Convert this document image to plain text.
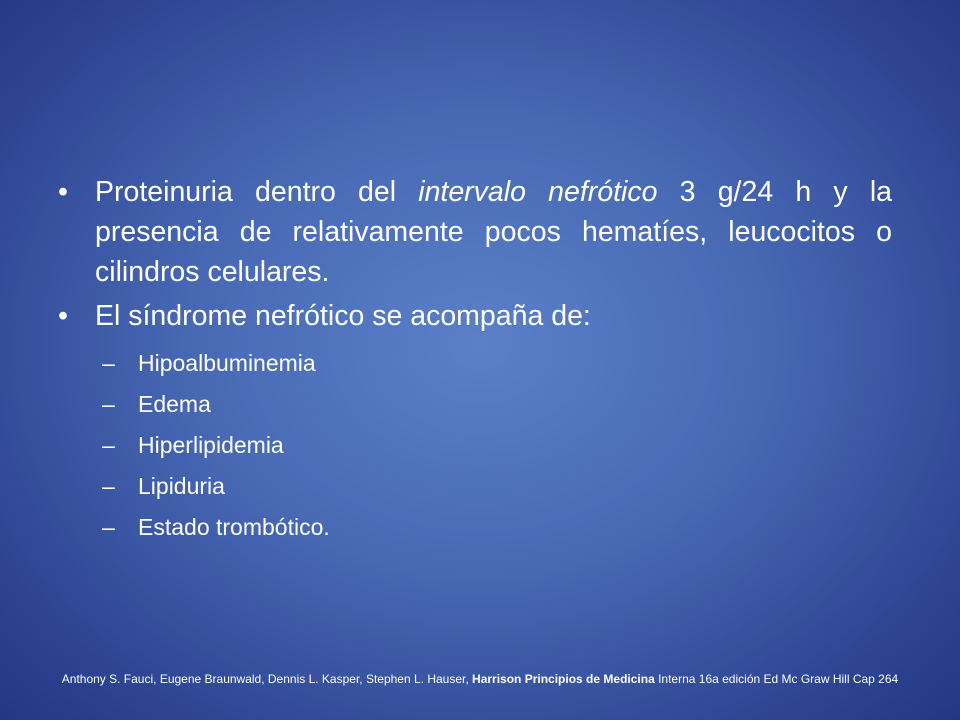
• Proteinuria dentro del intervalo nefrótico 3 g/24 h y la presencia de relativamente pocos hematíes, leucocitos o cilindros celulares.
• El síndrome nefrótico se acompaña de:
– Hipoalbuminemia
– Edema
– Hiperlipidemia
– Lipiduria
– Estado trombótico.
Anthony S. Fauci, Eugene Braunwald, Dennis L. Kasper, Stephen L. Hauser, Harrison Principios de Medicina Interna 16a edición Ed Mc Graw Hill Cap 264
